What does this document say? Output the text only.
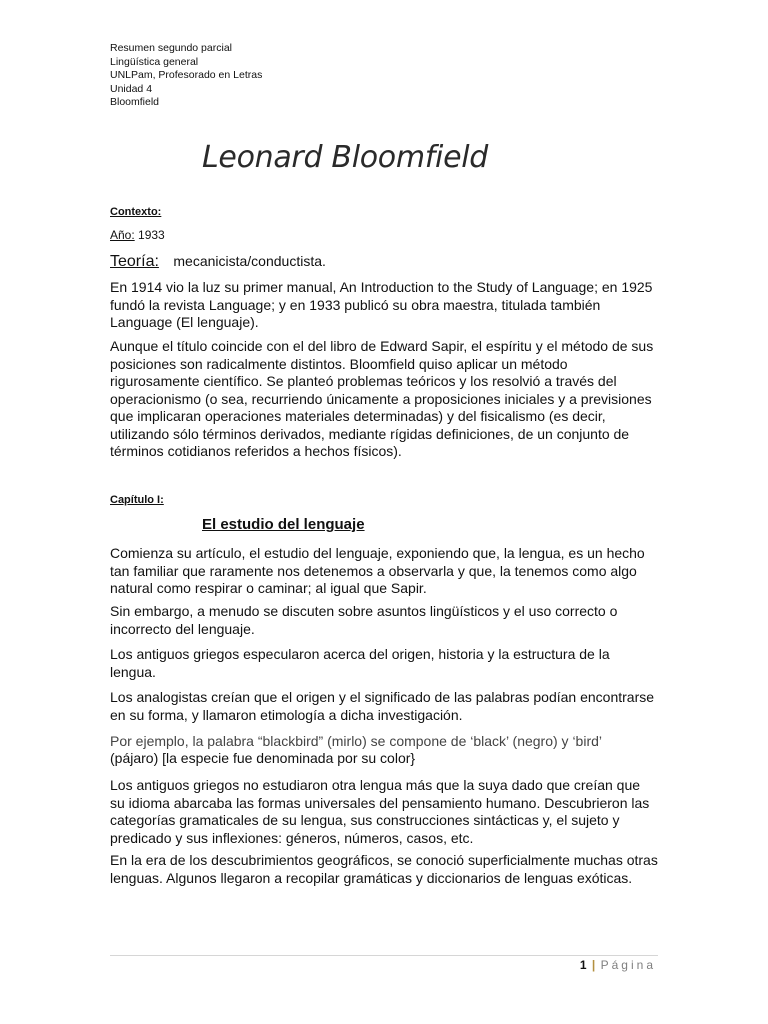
Resumen segundo parcial
Lingüística general
UNLPam, Profesorado en Letras
Unidad 4
Bloomfield
Leonard Bloomfield
Contexto:
Año: 1933
Teoría: mecanicista/conductista.

En 1914 vio la luz su primer manual, An Introduction to the Study of Language; en 1925 fundó la revista Language; y en 1933 publicó su obra maestra, titulada también Language (El lenguaje).

Aunque el título coincide con el del libro de Edward Sapir, el espíritu y el método de sus posiciones son radicalmente distintos. Bloomfield quiso aplicar un método rigurosamente científico. Se planteó problemas teóricos y los resolvió a través del operacionismo (o sea, recurriendo únicamente a proposiciones iniciales y a previsiones que implicaran operaciones materiales determinadas) y del fisicalismo (es decir, utilizando sólo términos derivados, mediante rígidas definiciones, de un conjunto de términos cotidianos referidos a hechos físicos).

Capítulo I:
El estudio del lenguaje

Comienza su artículo, el estudio del lenguaje, exponiendo que, la lengua, es un hecho tan familiar que raramente nos detenemos a observarla y que, la tenemos como algo natural como respirar o caminar; al igual que Sapir.

Sin embargo, a menudo se discuten sobre asuntos lingüísticos y el uso correcto o incorrecto del lenguaje.

Los antiguos griegos especularon acerca del origen, historia y la estructura de la lengua.

Los analogistas creían que el origen y el significado de las palabras podían encontrarse en su forma, y llamaron etimología a dicha investigación.

Por ejemplo, la palabra “blackbird” (mirlo) se compone de ‘black’ (negro) y ‘bird’
(pájaro) [la especie fue denominada por su color}

Los antiguos griegos no estudiaron otra lengua más que la suya dado que creían que su idioma abarcaba las formas universales del pensamiento humano. Descubrieron las categorías gramaticales de su lengua, sus construcciones sintácticas y, el sujeto y predicado y sus inflexiones: géneros, números, casos, etc.

En la era de los descubrimientos geográficos, se conoció superficialmente muchas otras lenguas. Algunos llegaron a recopilar gramáticas y diccionarios de lenguas exóticas.

1 | Página
